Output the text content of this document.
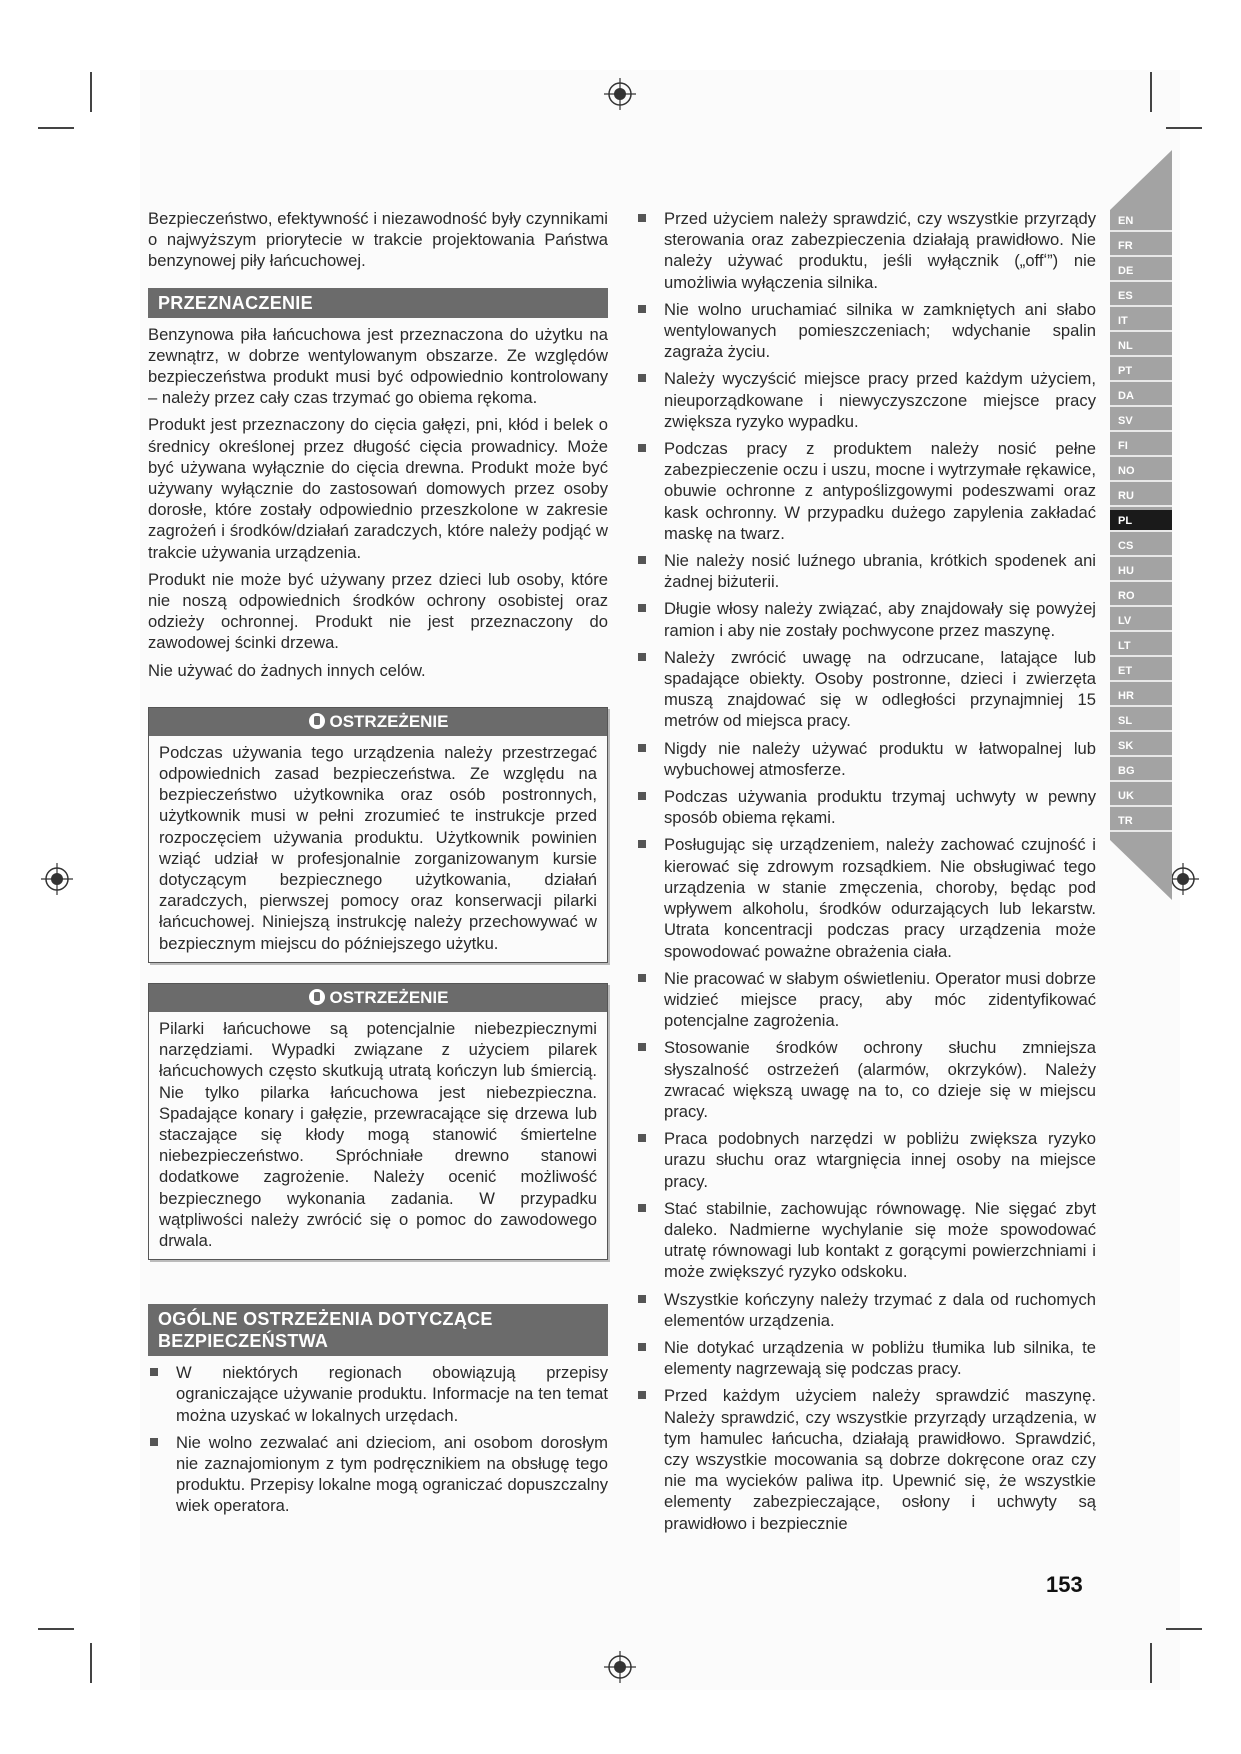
Bezpieczeństwo, efektywność i niezawodność były czynnikami o najwyższym priorytecie w trakcie projektowania Państwa benzynowej piły łańcuchowej.

PRZEZNACZENIE

Benzynowa piła łańcuchowa jest przeznaczona do użytku na zewnątrz, w dobrze wentylowanym obszarze. Ze względów bezpieczeństwa produkt musi być odpowiednio kontrolowany – należy przez cały czas trzymać go obiema rękoma.

Produkt jest przeznaczony do cięcia gałęzi, pni, kłód i belek o średnicy określonej przez długość cięcia prowadnicy. Może być używana wyłącznie do cięcia drewna. Produkt może być używany wyłącznie do zastosowań domowych przez osoby dorosłe, które zostały odpowiednio przeszkolone w zakresie zagrożeń i środków/działań zaradczych, które należy podjąć w trakcie używania urządzenia.

Produkt nie może być używany przez dzieci lub osoby, które nie noszą odpowiednich środków ochrony osobistej oraz odzieży ochronnej. Produkt nie jest przeznaczony do zawodowej ścinki drzewa.

Nie używać do żadnych innych celów.

OSTRZEŻENIE
Podczas używania tego urządzenia należy przestrzegać odpowiednich zasad bezpieczeństwa. Ze względu na bezpieczeństwo użytkownika oraz osób postronnych, użytkownik musi w pełni zrozumieć te instrukcje przed rozpoczęciem używania produktu. Użytkownik powinien wziąć udział w profesjonalnie zorganizowanym kursie dotyczącym bezpiecznego użytkowania, działań zaradczych, pierwszej pomocy oraz konserwacji pilarki łańcuchowej. Niniejszą instrukcję należy przechowywać w bezpiecznym miejscu do późniejszego użytku.
OSTRZEŻENIE
Pilarki łańcuchowe są potencjalnie niebezpiecznymi narzędziami. Wypadki związane z użyciem pilarek łańcuchowych często skutkują utratą kończyn lub śmiercią. Nie tylko pilarka łańcuchowa jest niebezpieczna. Spadające konary i gałęzie, przewracające się drzewa lub staczające się kłody mogą stanowić śmiertelne niebezpieczeństwo. Spróchniałe drewno stanowi dodatkowe zagrożenie. Należy ocenić możliwość bezpiecznego wykonania zadania. W przypadku wątpliwości należy zwrócić się o pomoc do zawodowego drwala.
OGÓLNE OSTRZEŻENIA DOTYCZĄCE BEZPIECZEŃSTWA
W niektórych regionach obowiązują przepisy ograniczające używanie produktu. Informacje na ten temat można uzyskać w lokalnych urzędach.
Nie wolno zezwalać ani dzieciom, ani osobom dorosłym nie zaznajomionym z tym podręcznikiem na obsługę tego produktu. Przepisy lokalne mogą ograniczać dopuszczalny wiek operatora.
Przed użyciem należy sprawdzić, czy wszystkie przyrządy sterowania oraz zabezpieczenia działają prawidłowo. Nie należy używać produktu, jeśli wyłącznik („offʻ”) nie umożliwia wyłączenia silnika.
Nie wolno uruchamiać silnika w zamkniętych ani słabo wentylowanych pomieszczeniach; wdychanie spalin zagraża życiu.
Należy wyczyścić miejsce pracy przed każdym użyciem, nieuporządkowane i niewyczyszczone miejsce pracy zwiększa ryzyko wypadku.
Podczas pracy z produktem należy nosić pełne zabezpieczenie oczu i uszu, mocne i wytrzymałe rękawice, obuwie ochronne z antypoślizgowymi podeszwami oraz kask ochronny. W przypadku dużego zapylenia zakładać maskę na twarz.
Nie należy nosić luźnego ubrania, krótkich spodenek ani żadnej biżuterii.
Długie włosy należy związać, aby znajdowały się powyżej ramion i aby nie zostały pochwycone przez maszynę.
Należy zwrócić uwagę na odrzucane, latające lub spadające obiekty. Osoby postronne, dzieci i zwierzęta muszą znajdować się w odległości przynajmniej 15 metrów od miejsca pracy.
Nigdy nie należy używać produktu w łatwopalnej lub wybuchowej atmosferze.
Podczas używania produktu trzymaj uchwyty w pewny sposób obiema rękami.
Posługując się urządzeniem, należy zachować czujność i kierować się zdrowym rozsądkiem. Nie obsługiwać tego urządzenia w stanie zmęczenia, choroby, będąc pod wpływem alkoholu, środków odurzających lub lekarstw. Utrata koncentracji podczas pracy urządzenia może spowodować poważne obrażenia ciała.
Nie pracować w słabym oświetleniu. Operator musi dobrze widzieć miejsce pracy, aby móc zidentyfikować potencjalne zagrożenia.
Stosowanie środków ochrony słuchu zmniejsza słyszalność ostrzeżeń (alarmów, okrzyków). Należy zwracać większą uwagę na to, co dzieje się w miejscu pracy.
Praca podobnych narzędzi w pobliżu zwiększa ryzyko urazu słuchu oraz wtargnięcia innej osoby na miejsce pracy.
Stać stabilnie, zachowując równowagę. Nie sięgać zbyt daleko. Nadmierne wychylanie się może spowodować utratę równowagi lub kontakt z gorącymi powierzchniami i może zwiększyć ryzyko odskoku.
Wszystkie kończyny należy trzymać z dala od ruchomych elementów urządzenia.
Nie dotykać urządzenia w pobliżu tłumika lub silnika, te elementy nagrzewają się podczas pracy.
Przed każdym użyciem należy sprawdzić maszynę. Należy sprawdzić, czy wszystkie przyrządy urządzenia, w tym hamulec łańcucha, działają prawidłowo. Sprawdzić, czy wszystkie mocowania są dobrze dokręcone oraz czy nie ma wycieków paliwa itp. Upewnić się, że wszystkie elementy zabezpieczające, osłony i uchwyty są prawidłowo i bezpiecznie
EN
FR
DE
ES
IT
NL
PT
DA
SV
FI
NO
RU
PL
CS
HU
RO
LV
LT
ET
HR
SL
SK
BG
UK
TR
153
